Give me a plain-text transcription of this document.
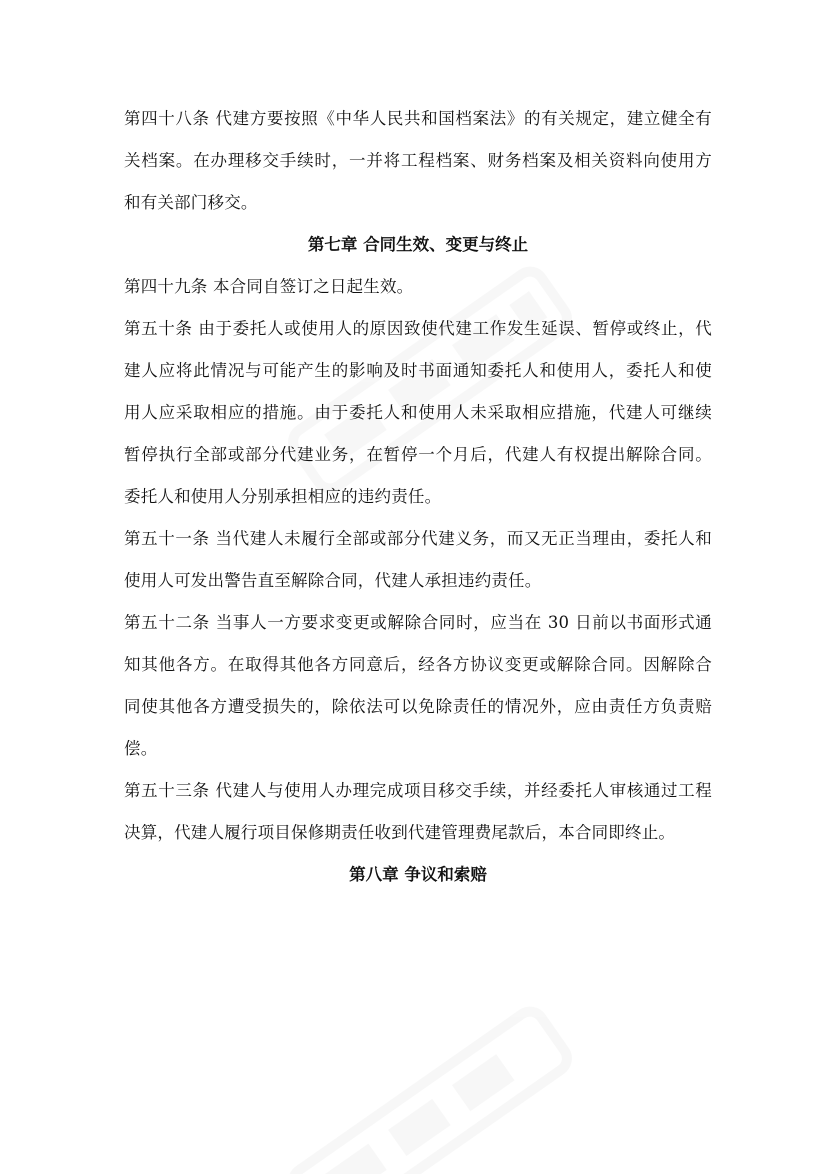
第四十八条 代建方要按照《中华人民共和国档案法》的有关规定，建立健全有
关档案。在办理移交手续时，一并将工程档案、财务档案及相关资料向使用方
和有关部门移交。
第七章 合同生效、变更与终止
第四十九条 本合同自签订之日起生效。
第五十条 由于委托人或使用人的原因致使代建工作发生延误、暂停或终止，代
建人应将此情况与可能产生的影响及时书面通知委托人和使用人，委托人和使
用人应采取相应的措施。由于委托人和使用人未采取相应措施，代建人可继续
暂停执行全部或部分代建业务，在暂停一个月后，代建人有权提出解除合同。
委托人和使用人分别承担相应的违约责任。
第五十一条 当代建人未履行全部或部分代建义务，而又无正当理由，委托人和
使用人可发出警告直至解除合同，代建人承担违约责任。
第五十二条 当事人一方要求变更或解除合同时，应当在 30 日前以书面形式通
知其他各方。在取得其他各方同意后，经各方协议变更或解除合同。因解除合
同使其他各方遭受损失的，除依法可以免除责任的情况外，应由责任方负责赔
偿。
第五十三条 代建人与使用人办理完成项目移交手续，并经委托人审核通过工程
决算，代建人履行项目保修期责任收到代建管理费尾款后，本合同即终止。
第八章 争议和索赔
